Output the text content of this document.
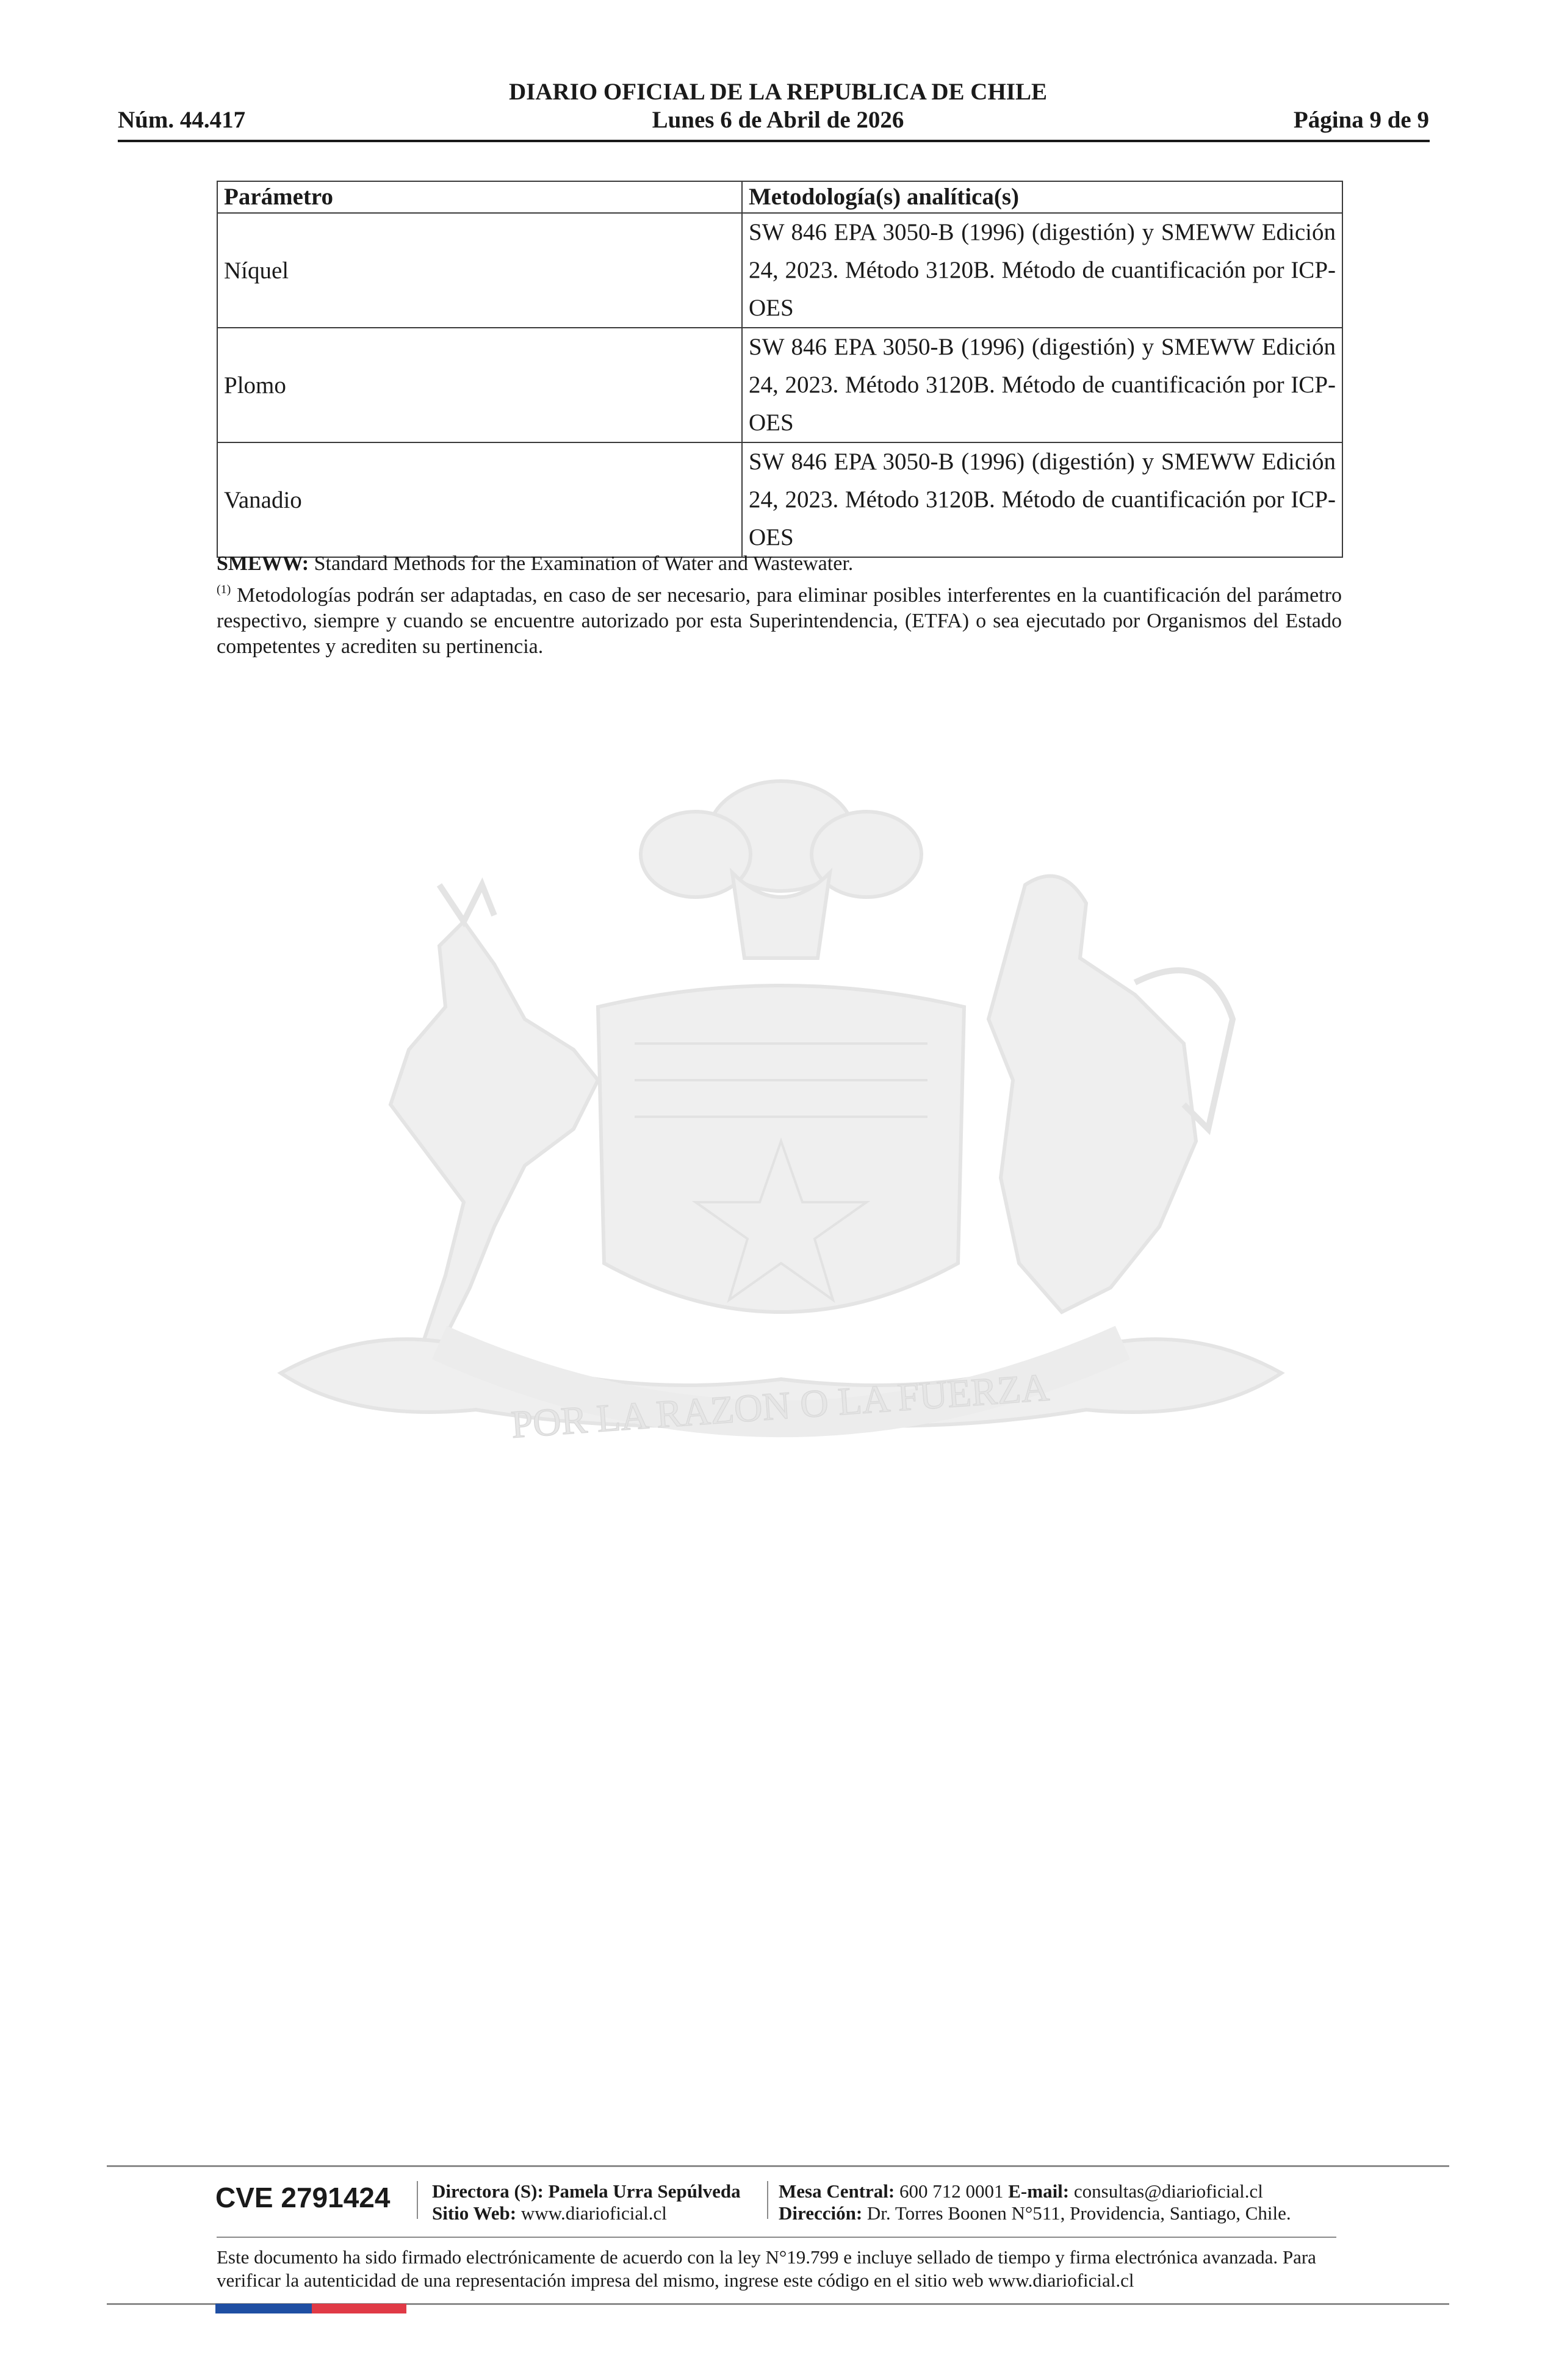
DIARIO OFICIAL DE LA REPUBLICA DE CHILE
Núm. 44.417	Lunes 6 de Abril de 2026	Página 9 de 9
POR LA RAZON O LA FUERZA
Parámetro	Metodología(s) analítica(s)
Níquel	SW 846 EPA 3050-B (1996) (digestión) y SMEWW Edición 24, 2023. Método 3120B. Método de cuantificación por ICP-OES
Plomo	SW 846 EPA 3050-B (1996) (digestión) y SMEWW Edición 24, 2023. Método 3120B. Método de cuantificación por ICP-OES
Vanadio	SW 846 EPA 3050-B (1996) (digestión) y SMEWW Edición 24, 2023. Método 3120B. Método de cuantificación por ICP-OES
SMEWW: Standard Methods for the Examination of Water and Wastewater.
$^{(1)}$ Metodologías podrán ser adaptadas, en caso de ser necesario, para eliminar posibles interferentes en la cuantificación del parámetro respectivo, siempre y cuando se encuentre autorizado por esta Superintendencia, (ETFA) o sea ejecutado por Organismos del Estado competentes y acrediten su pertinencia.
CVE 2791424 Directora (S): Pamela Urra Sepúlveda
Sitio Web: www.diarioficial.cl
Mesa Central: 600 712 0001 E-mail: consultas@diarioficial.cl
Dirección: Dr. Torres Boonen N°511, Providencia, Santiago, Chile.
Este documento ha sido firmado electrónicamente de acuerdo con la ley N°19.799 e incluye sellado de tiempo y firma electrónica avanzada. Para verificar la autenticidad de una representación impresa del mismo, ingrese este código en el sitio web www.diarioficial.cl
